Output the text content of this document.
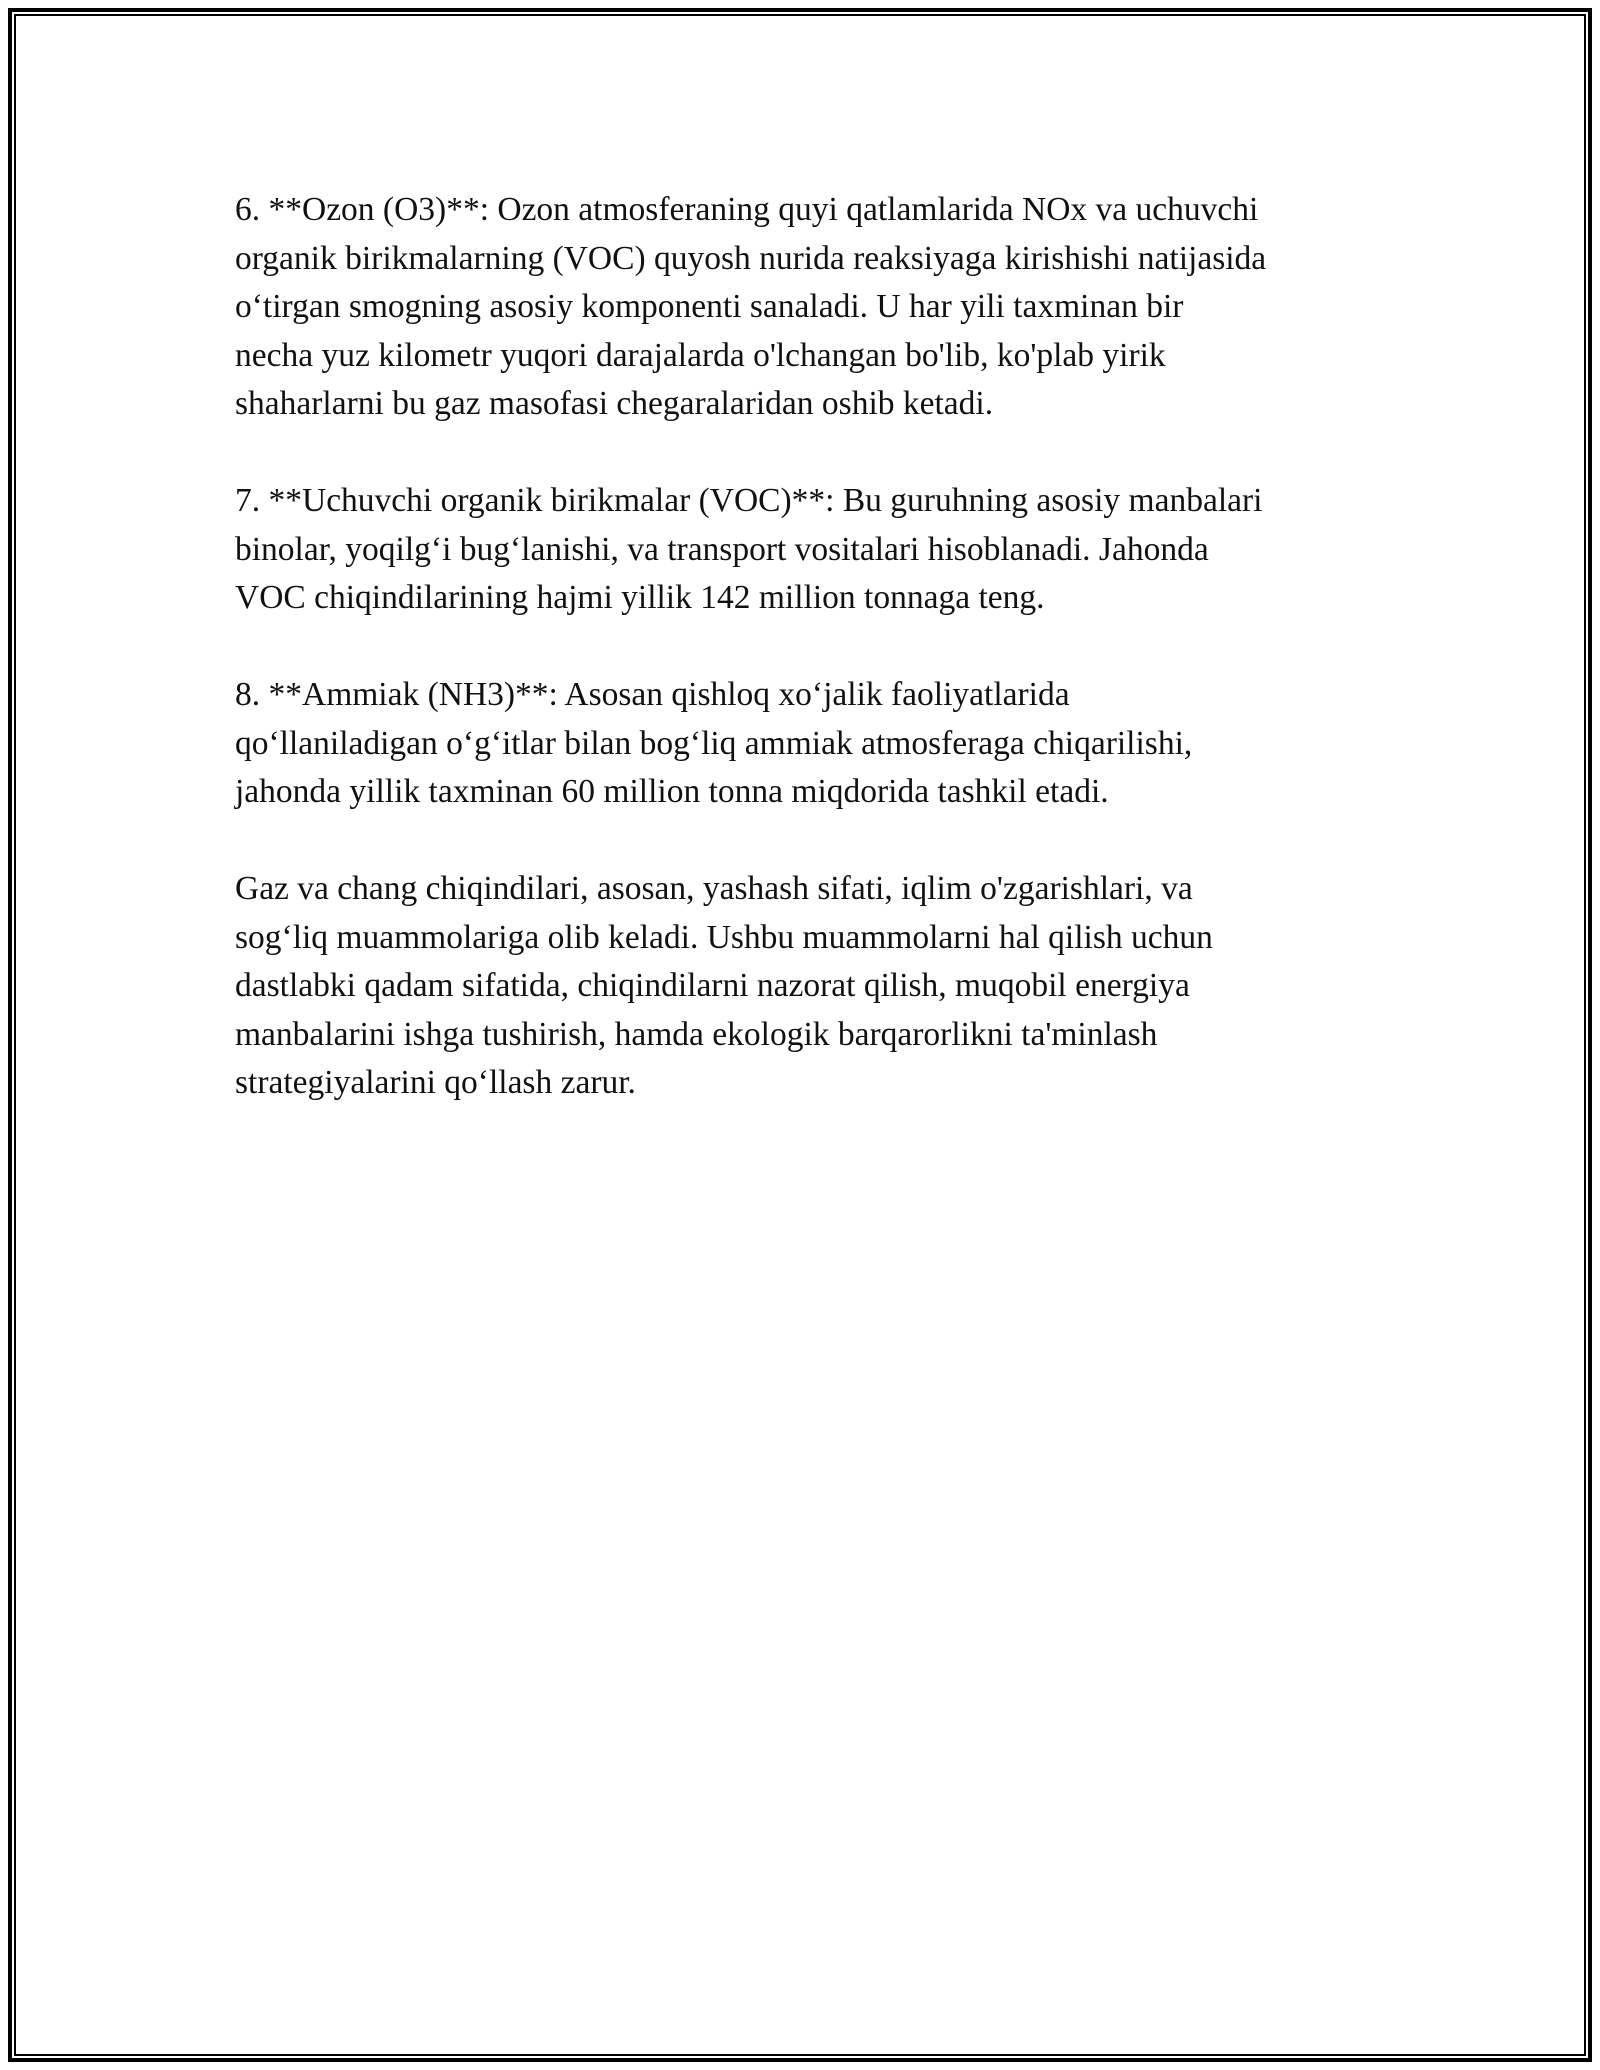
6. **Ozon (O3)**: Ozon atmosferaning quyi qatlamlarida NOx va uchuvchi
organik birikmalarning (VOC) quyosh nurida reaksiyaga kirishishi natijasida
oʻtirgan smogning asosiy komponenti sanaladi. U har yili taxminan bir
necha yuz kilometr yuqori darajalarda o'lchangan bo'lib, ko'plab yirik
shaharlarni bu gaz masofasi chegaralaridan oshib ketadi.

7. **Uchuvchi organik birikmalar (VOC)**: Bu guruhning asosiy manbalari
binolar, yoqilgʻi bugʻlanishi, va transport vositalari hisoblanadi. Jahonda
VOC chiqindilarining hajmi yillik 142 million tonnaga teng.

8. **Ammiak (NH3)**: Asosan qishloq xoʻjalik faoliyatlarida
qoʻllaniladigan oʻgʻitlar bilan bogʻliq ammiak atmosferaga chiqarilishi,
jahonda yillik taxminan 60 million tonna miqdorida tashkil etadi.

Gaz va chang chiqindilari, asosan, yashash sifati, iqlim o'zgarishlari, va
sogʻliq muammolariga olib keladi. Ushbu muammolarni hal qilish uchun
dastlabki qadam sifatida, chiqindilarni nazorat qilish, muqobil energiya
manbalarini ishga tushirish, hamda ekologik barqarorlikni ta'minlash
strategiyalarini qoʻllash zarur.
